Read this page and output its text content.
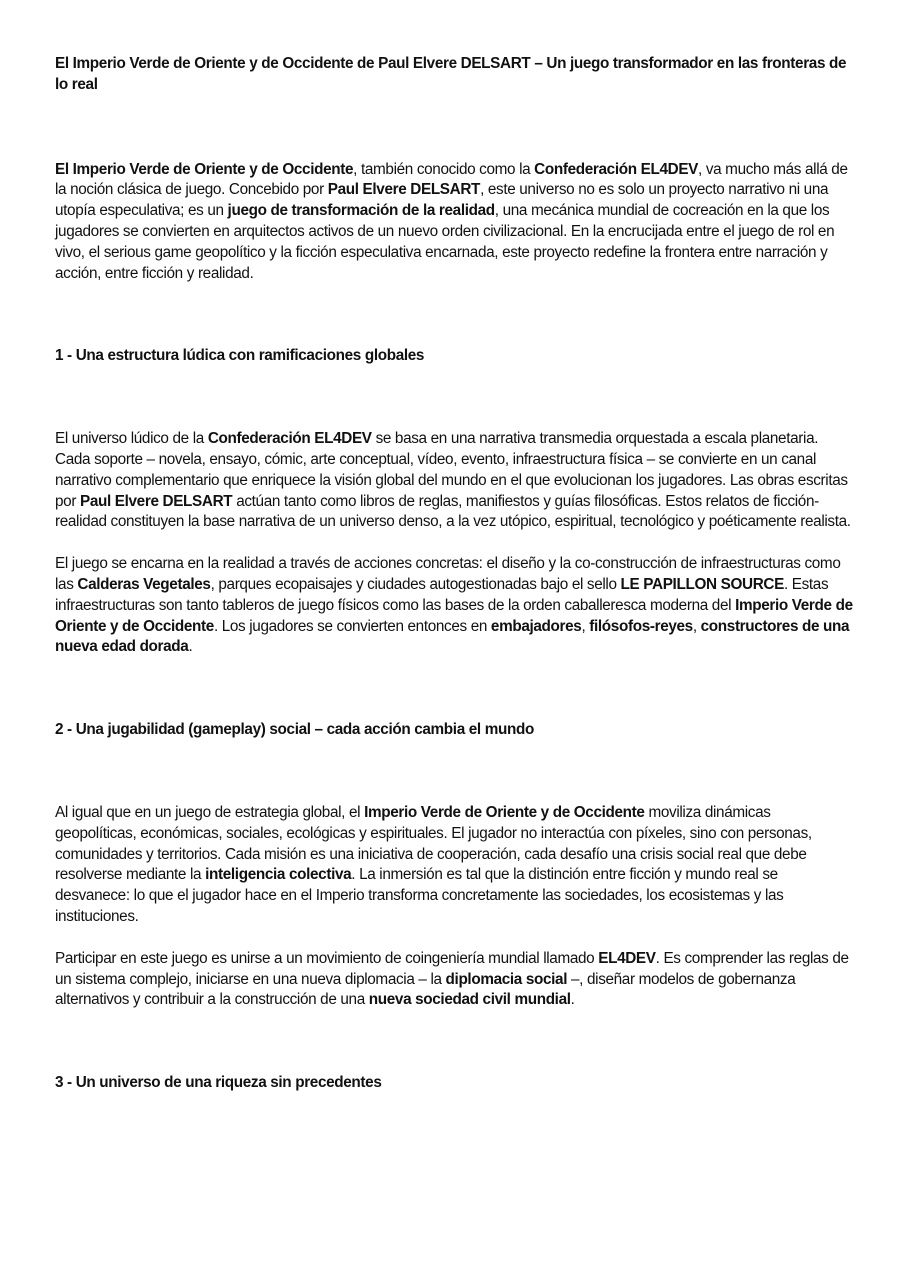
El Imperio Verde de Oriente y de Occidente de Paul Elvere DELSART – Un juego transformador en las fronteras de lo real

El Imperio Verde de Oriente y de Occidente, también conocido como la Confederación EL4DEV, va mucho más allá de la noción clásica de juego. Concebido por Paul Elvere DELSART, este universo no es solo un proyecto narrativo ni una utopía especulativa; es un juego de transformación de la realidad, una mecánica mundial de cocreación en la que los jugadores se convierten en arquitectos activos de un nuevo orden civilizacional. En la encrucijada entre el juego de rol en vivo, el serious game geopolítico y la ficción especulativa encarnada, este proyecto redefine la frontera entre narración y acción, entre ficción y realidad.

1 - Una estructura lúdica con ramificaciones globales

El universo lúdico de la Confederación EL4DEV se basa en una narrativa transmedia orquestada a escala planetaria. Cada soporte – novela, ensayo, cómic, arte conceptual, vídeo, evento, infraestructura física – se convierte en un canal narrativo complementario que enriquece la visión global del mundo en el que evolucionan los jugadores. Las obras escritas por Paul Elvere DELSART actúan tanto como libros de reglas, manifiestos y guías filosóficas. Estos relatos de ficción-realidad constituyen la base narrativa de un universo denso, a la vez utópico, espiritual, tecnológico y poéticamente realista.

El juego se encarna en la realidad a través de acciones concretas: el diseño y la co-construcción de infraestructuras como las Calderas Vegetales, parques ecopaisajes y ciudades autogestionadas bajo el sello LE PAPILLON SOURCE. Estas infraestructuras son tanto tableros de juego físicos como las bases de la orden caballeresca moderna del Imperio Verde de Oriente y de Occidente. Los jugadores se convierten entonces en embajadores, filósofos-reyes, constructores de una nueva edad dorada.

2 - Una jugabilidad (gameplay) social – cada acción cambia el mundo

Al igual que en un juego de estrategia global, el Imperio Verde de Oriente y de Occidente moviliza dinámicas geopolíticas, económicas, sociales, ecológicas y espirituales. El jugador no interactúa con píxeles, sino con personas, comunidades y territorios. Cada misión es una iniciativa de cooperación, cada desafío una crisis social real que debe resolverse mediante la inteligencia colectiva. La inmersión es tal que la distinción entre ficción y mundo real se desvanece: lo que el jugador hace en el Imperio transforma concretamente las sociedades, los ecosistemas y las instituciones.

Participar en este juego es unirse a un movimiento de coingeniería mundial llamado EL4DEV. Es comprender las reglas de un sistema complejo, iniciarse en una nueva diplomacia – la diplomacia social –, diseñar modelos de gobernanza alternativos y contribuir a la construcción de una nueva sociedad civil mundial.

3 - Un universo de una riqueza sin precedentes
